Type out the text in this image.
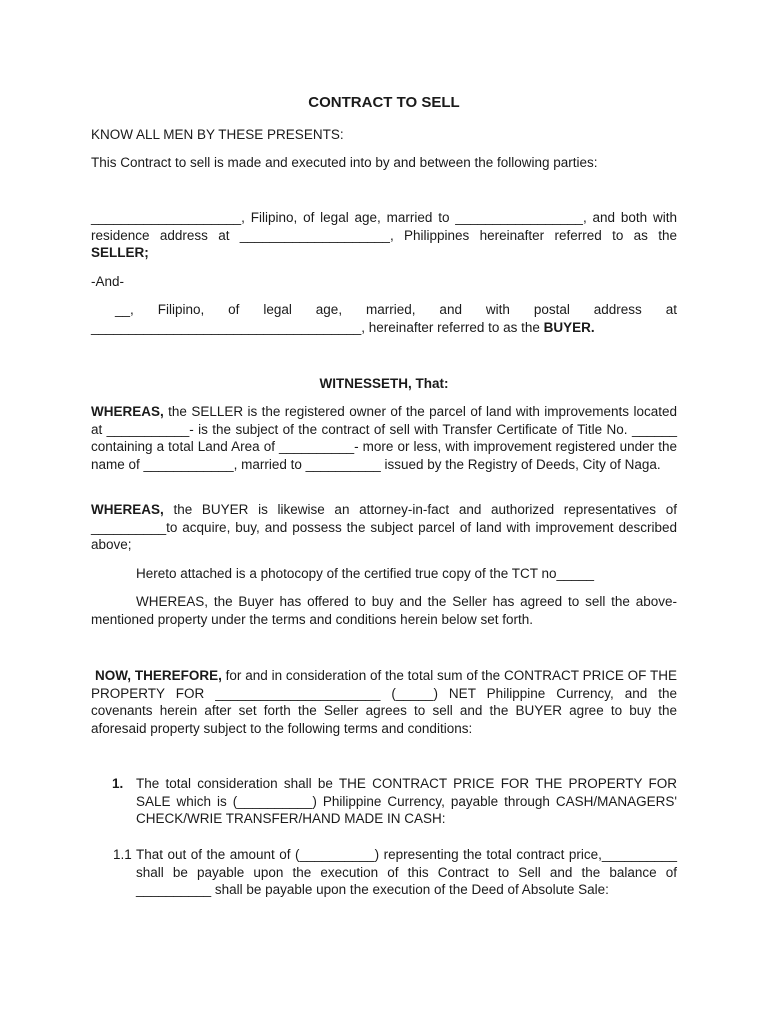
CONTRACT TO SELL
KNOW ALL MEN BY THESE PRESENTS:
This Contract to sell is made and executed into by and between the following parties:
____________________, Filipino, of legal age, married to _________________, and both with residence address at ____________________, Philippines hereinafter referred to as the SELLER;
-And-
__, Filipino, of legal age, married, and with postal address at
____________________________________, hereinafter referred to as the BUYER.
WITNESSETH, That:
WHEREAS, the SELLER is the registered owner of the parcel of land with improvements located at ___________- is the subject of the contract of sell with Transfer Certificate of Title No. ______ containing a total Land Area of __________- more or less, with improvement registered under the name of ____________, married to __________ issued by the Registry of Deeds, City of Naga.
WHEREAS, the BUYER is likewise an attorney-in-fact and authorized representatives of __________to acquire, buy, and possess the subject parcel of land with improvement described above;
Hereto attached is a photocopy of the certified true copy of the TCT no_____
WHEREAS, the Buyer has offered to buy and the Seller has agreed to sell the above-mentioned property under the terms and conditions herein below set forth.
NOW, THEREFORE, for and in consideration of the total sum of the CONTRACT PRICE OF THE PROPERTY FOR ______________________ (_____) NET Philippine Currency, and the covenants herein after set forth the Seller agrees to sell and the BUYER agree to buy the aforesaid property subject to the following terms and conditions:
1. The total consideration shall be THE CONTRACT PRICE FOR THE PROPERTY FOR SALE which is (__________) Philippine Currency, payable through CASH/MANAGERS' CHECK/WRIE TRANSFER/HAND MADE IN CASH:
1.1 That out of the amount of (__________) representing the total contract price,__________ shall be payable upon the execution of this Contract to Sell and the balance of __________ shall be payable upon the execution of the Deed of Absolute Sale:
